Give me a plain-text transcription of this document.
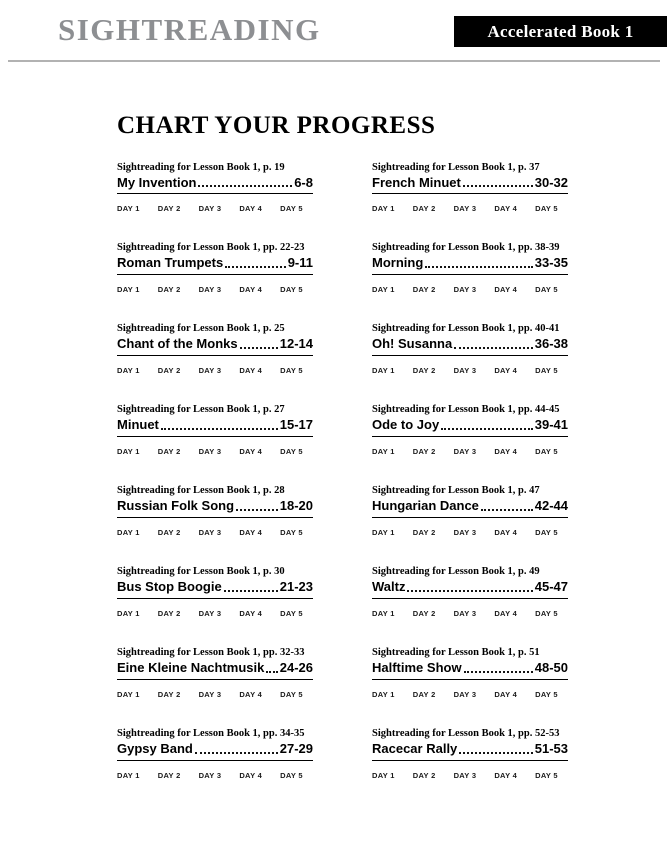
SIGHTREADING	Accelerated Book 1
CHART YOUR PROGRESS
Sightreading for Lesson Book 1, p. 19
My Invention	6-8
DAY 1 DAY 2 DAY 3 DAY 4 DAY 5
Sightreading for Lesson Book 1, pp. 22-23
Roman Trumpets	9-11
DAY 1 DAY 2 DAY 3 DAY 4 DAY 5
Sightreading for Lesson Book 1, p. 25
Chant of the Monks	12-14
DAY 1 DAY 2 DAY 3 DAY 4 DAY 5
Sightreading for Lesson Book 1, p. 27
Minuet	15-17
DAY 1 DAY 2 DAY 3 DAY 4 DAY 5
Sightreading for Lesson Book 1, p. 28
Russian Folk Song	18-20
DAY 1 DAY 2 DAY 3 DAY 4 DAY 5
Sightreading for Lesson Book 1, p. 30
Bus Stop Boogie	21-23
DAY 1 DAY 2 DAY 3 DAY 4 DAY 5
Sightreading for Lesson Book 1, pp. 32-33
Eine Kleine Nachtmusik 24-26
DAY 1 DAY 2 DAY 3 DAY 4 DAY 5
Sightreading for Lesson Book 1, pp. 34-35
Gypsy Band	27-29
DAY 1 DAY 2 DAY 3 DAY 4 DAY 5
Sightreading for Lesson Book 1, p. 37
French Minuet	30-32
DAY 1 DAY 2 DAY 3 DAY 4 DAY 5
Sightreading for Lesson Book 1, pp. 38-39
Morning	33-35
DAY 1 DAY 2 DAY 3 DAY 4 DAY 5
Sightreading for Lesson Book 1, pp. 40-41
Oh! Susanna	36-38
DAY 1 DAY 2 DAY 3 DAY 4 DAY 5
Sightreading for Lesson Book 1, pp. 44-45
Ode to Joy	39-41
DAY 1 DAY 2 DAY 3 DAY 4 DAY 5
Sightreading for Lesson Book 1, p. 47
Hungarian Dance	42-44
DAY 1 DAY 2 DAY 3 DAY 4 DAY 5
Sightreading for Lesson Book 1, p. 49
Waltz	45-47
DAY 1 DAY 2 DAY 3 DAY 4 DAY 5
Sightreading for Lesson Book 1, p. 51
Halftime Show	48-50
DAY 1 DAY 2 DAY 3 DAY 4 DAY 5
Sightreading for Lesson Book 1, pp. 52-53
Racecar Rally	51-53
DAY 1 DAY 2 DAY 3 DAY 4 DAY 5
